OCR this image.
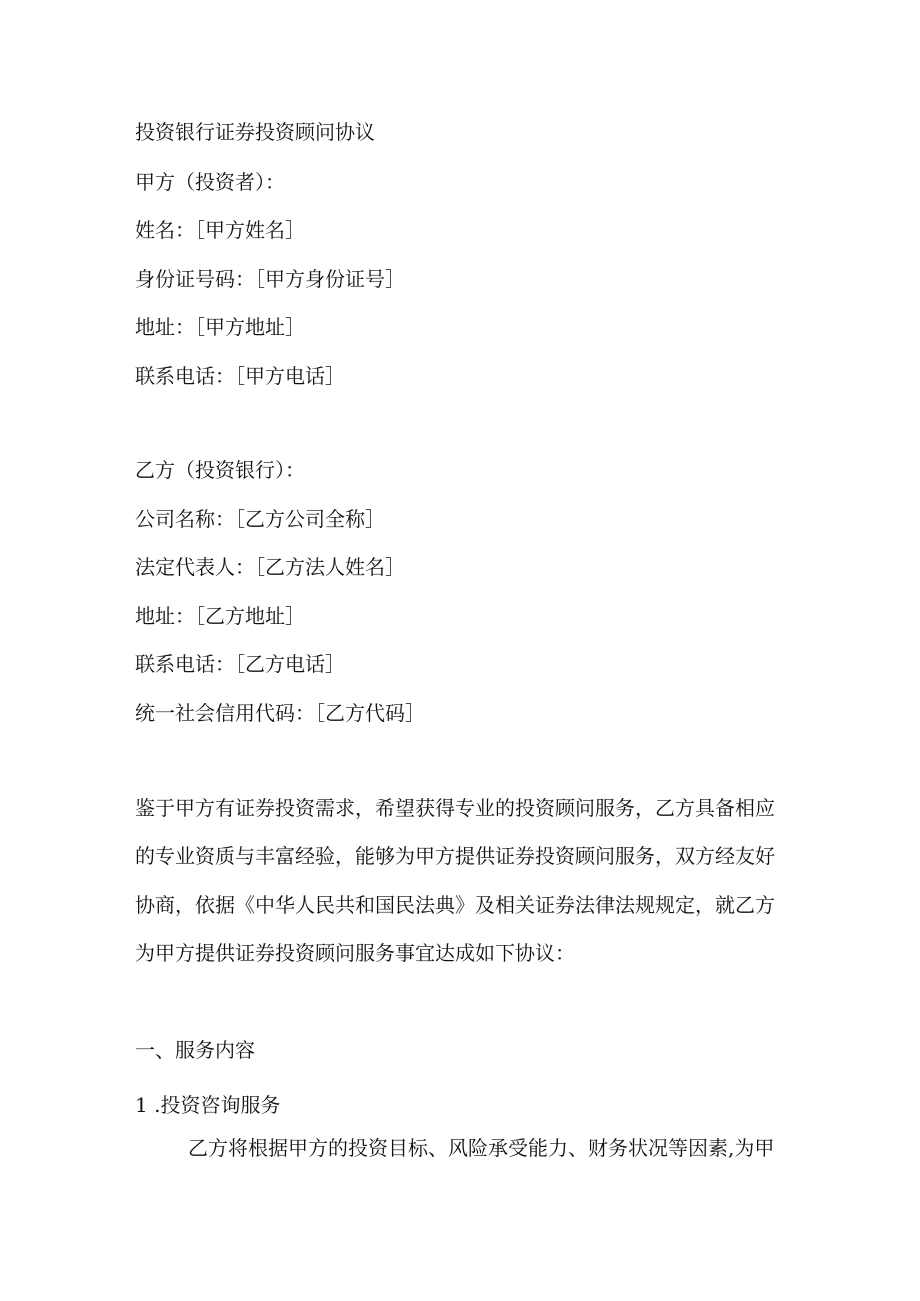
投资银行证券投资顾问协议

甲方（投资者）：

姓名：［甲方姓名］

身份证号码：［甲方身份证号］

地址：［甲方地址］

联系电话：［甲方电话］

乙方（投资银行）：

公司名称：［乙方公司全称］

法定代表人：［乙方法人姓名］

地址：［乙方地址］

联系电话：［乙方电话］

统一社会信用代码：［乙方代码］

鉴于甲方有证券投资需求，希望获得专业的投资顾问服务，乙方具备相应
的专业资质与丰富经验，能够为甲方提供证券投资顾问服务，双方经友好
协商，依据《中华人民共和国民法典》及相关证券法律法规规定，就乙方
为甲方提供证券投资顾问服务事宜达成如下协议：

一、服务内容

1 .投资咨询服务

乙方将根据甲方的投资目标、风险承受能力、财务状况等因素,为甲
